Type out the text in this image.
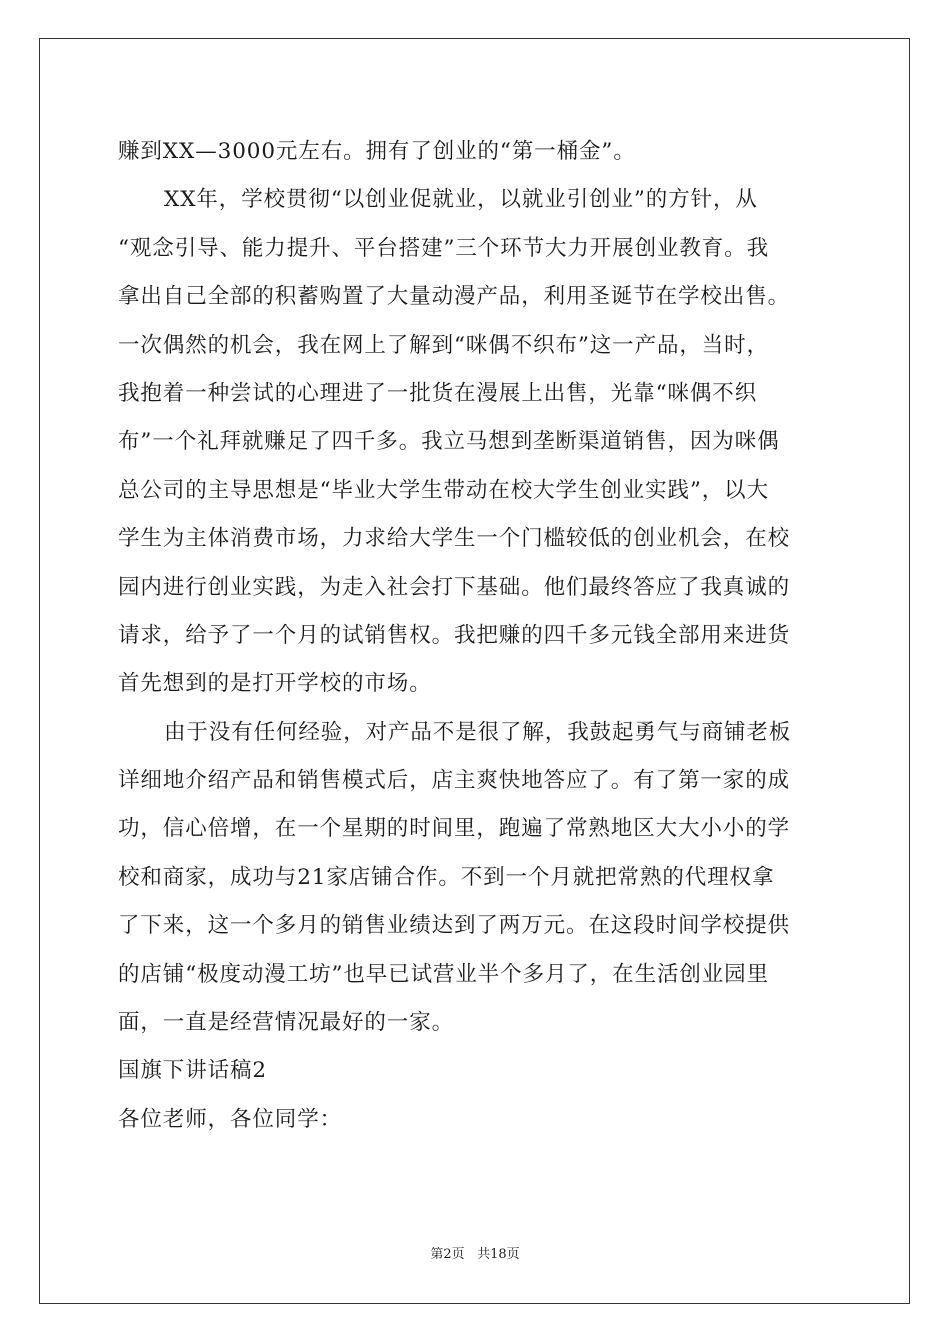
赚到XX—3000元左右。拥有了创业的“第一桶金”。
XX年，学校贯彻“以创业促就业，以就业引创业”的方针，从
“观念引导、能力提升、平台搭建”三个环节大力开展创业教育。我
拿出自己全部的积蓄购置了大量动漫产品，利用圣诞节在学校出售。
一次偶然的机会，我在网上了解到“咪偶不织布”这一产品，当时，
我抱着一种尝试的心理进了一批货在漫展上出售，光靠“咪偶不织
布”一个礼拜就赚足了四千多。我立马想到垄断渠道销售，因为咪偶
总公司的主导思想是“毕业大学生带动在校大学生创业实践”，以大
学生为主体消费市场，力求给大学生一个门槛较低的创业机会，在校
园内进行创业实践，为走入社会打下基础。他们最终答应了我真诚的
请求，给予了一个月的试销售权。我把赚的四千多元钱全部用来进货
首先想到的是打开学校的市场。
由于没有任何经验，对产品不是很了解，我鼓起勇气与商铺老板
详细地介绍产品和销售模式后，店主爽快地答应了。有了第一家的成
功，信心倍增，在一个星期的时间里，跑遍了常熟地区大大小小的学
校和商家，成功与21家店铺合作。不到一个月就把常熟的代理权拿
了下来，这一个多月的销售业绩达到了两万元。在这段时间学校提供
的店铺“极度动漫工坊”也早已试营业半个多月了，在生活创业园里
面，一直是经营情况最好的一家。
国旗下讲话稿2
各位老师，各位同学：
第2页 共18页
